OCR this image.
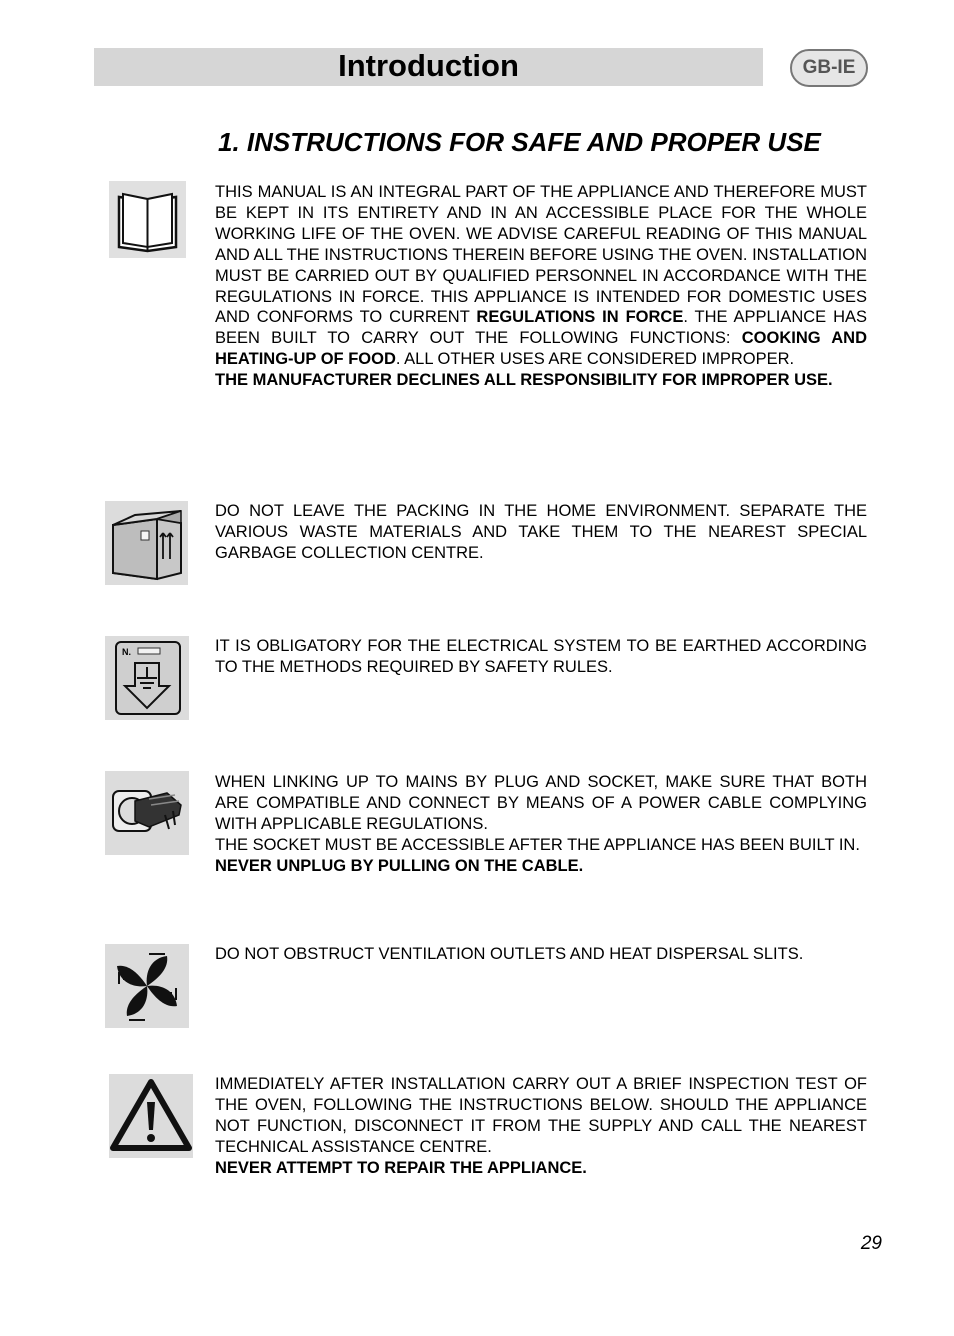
Introduction	GB-IE
1. INSTRUCTIONS FOR SAFE AND PROPER USE

THIS MANUAL IS AN INTEGRAL PART OF THE APPLIANCE AND THEREFORE MUST BE KEPT IN ITS ENTIRETY AND IN AN ACCESSIBLE PLACE FOR THE WHOLE WORKING LIFE OF THE OVEN. WE ADVISE CAREFUL READING OF THIS MANUAL AND ALL THE INSTRUCTIONS THEREIN BEFORE USING THE OVEN. INSTALLATION MUST BE CARRIED OUT BY QUALIFIED PERSONNEL IN ACCORDANCE WITH THE REGULATIONS IN FORCE. THIS APPLIANCE IS INTENDED FOR DOMESTIC USES AND CONFORMS TO CURRENT REGULATIONS IN FORCE. THE APPLIANCE HAS BEEN BUILT TO CARRY OUT THE FOLLOWING FUNCTIONS: COOKING AND HEATING-UP OF FOOD. ALL OTHER USES ARE CONSIDERED IMPROPER.

THE MANUFACTURER DECLINES ALL RESPONSIBILITY FOR IMPROPER USE.

DO NOT LEAVE THE PACKING IN THE HOME ENVIRONMENT. SEPARATE THE VARIOUS WASTE MATERIALS AND TAKE THEM TO THE NEAREST SPECIAL GARBAGE COLLECTION CENTRE.

N.	IT IS OBLIGATORY FOR THE ELECTRICAL SYSTEM TO BE EARTHED ACCORDING TO THE METHODS REQUIRED BY SAFETY RULES.

WHEN LINKING UP TO MAINS BY PLUG AND SOCKET, MAKE SURE THAT BOTH ARE COMPATIBLE AND CONNECT BY MEANS OF A POWER CABLE COMPLYING WITH APPLICABLE REGULATIONS.

THE SOCKET MUST BE ACCESSIBLE AFTER THE APPLIANCE HAS BEEN BUILT IN.

NEVER UNPLUG BY PULLING ON THE CABLE.

DO NOT OBSTRUCT VENTILATION OUTLETS AND HEAT DISPERSAL SLITS.

IMMEDIATELY AFTER INSTALLATION CARRY OUT A BRIEF INSPECTION TEST OF THE OVEN, FOLLOWING THE INSTRUCTIONS BELOW. SHOULD THE APPLIANCE NOT FUNCTION, DISCONNECT IT FROM THE SUPPLY AND CALL THE NEAREST TECHNICAL ASSISTANCE CENTRE.

NEVER ATTEMPT TO REPAIR THE APPLIANCE.

29
